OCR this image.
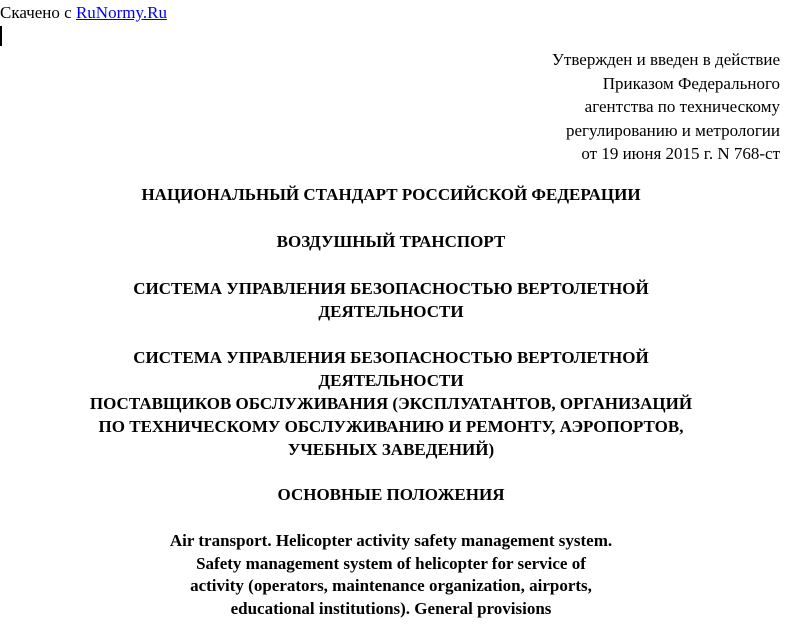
Скачено с RuNormy.Ru
Утвержден и введен в действие
Приказом Федерального
агентства по техническому
регулированию и метрологии
от 19 июня 2015 г. N 768-ст
НАЦИОНАЛЬНЫЙ СТАНДАРТ РОССИЙСКОЙ ФЕДЕРАЦИИ
ВОЗДУШНЫЙ ТРАНСПОРТ
СИСТЕМА УПРАВЛЕНИЯ БЕЗОПАСНОСТЬЮ ВЕРТОЛЕТНОЙ
ДЕЯТЕЛЬНОСТИ
СИСТЕМА УПРАВЛЕНИЯ БЕЗОПАСНОСТЬЮ ВЕРТОЛЕТНОЙ
ДЕЯТЕЛЬНОСТИ
ПОСТАВЩИКОВ ОБСЛУЖИВАНИЯ (ЭКСПЛУАТАНТОВ, ОРГАНИЗАЦИЙ
ПО ТЕХНИЧЕСКОМУ ОБСЛУЖИВАНИЮ И РЕМОНТУ, АЭРОПОРТОВ,
УЧЕБНЫХ ЗАВЕДЕНИЙ)
ОСНОВНЫЕ ПОЛОЖЕНИЯ
Air transport. Helicopter activity safety management system.
Safety management system of helicopter for service of
activity (operators, maintenance organization, airports,
educational institutions). General provisions
